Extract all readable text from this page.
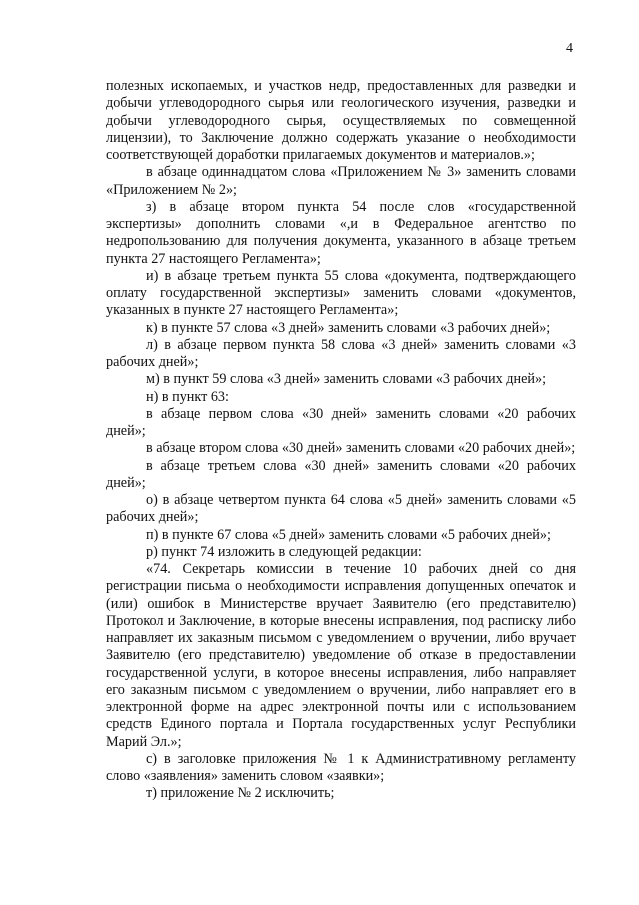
4

полезных ископаемых, и участков недр, предоставленных для разведки и добычи углеводородного сырья или геологического изучения, разведки и добычи углеводородного сырья, осуществляемых по совмещенной лицензии), то Заключение должно содержать указание о необходимости соответствующей доработки прилагаемых документов и материалов.»;

в абзаце одиннадцатом слова «Приложением № 3» заменить словами «Приложением № 2»;

з) в абзаце втором пункта 54 после слов «государственной экспертизы» дополнить словами «,и в Федеральное агентство по недропользованию для получения документа, указанного в абзаце третьем пункта 27 настоящего Регламента»;

и) в абзаце третьем пункта 55 слова «документа, подтверждающего оплату государственной экспертизы» заменить словами «документов, указанных в пункте 27 настоящего Регламента»;

к) в пункте 57 слова «3 дней» заменить словами «3 рабочих дней»;

л) в абзаце первом пункта 58 слова «3 дней» заменить словами «3 рабочих дней»;

м) в пункт 59 слова «3 дней» заменить словами «3 рабочих дней»;

н) в пункт 63:

в абзаце первом слова «30 дней» заменить словами «20 рабочих дней»;

в абзаце втором слова «30 дней» заменить словами «20 рабочих дней»;

в абзаце третьем слова «30 дней» заменить словами «20 рабочих дней»;

о) в абзаце четвертом пункта 64 слова «5 дней» заменить словами «5 рабочих дней»;

п) в пункте 67 слова «5 дней» заменить словами «5 рабочих дней»;

р) пункт 74 изложить в следующей редакции:

«74. Секретарь комиссии в течение 10 рабочих дней со дня регистрации письма о необходимости исправления допущенных опечаток и (или) ошибок в Министерстве вручает Заявителю (его представителю) Протокол и Заключение, в которые внесены исправления, под расписку либо направляет их заказным письмом с уведомлением о вручении, либо вручает Заявителю (его представителю) уведомление об отказе в предоставлении государственной услуги, в которое внесены исправления, либо направляет его заказным письмом с уведомлением о вручении, либо направляет его в электронной форме на адрес электронной почты или с использованием средств Единого портала и Портала государственных услуг Республики Марий Эл.»;

с) в заголовке приложения № 1 к Административному регламенту слово «заявления» заменить словом «заявки»;

т) приложение № 2 исключить;
